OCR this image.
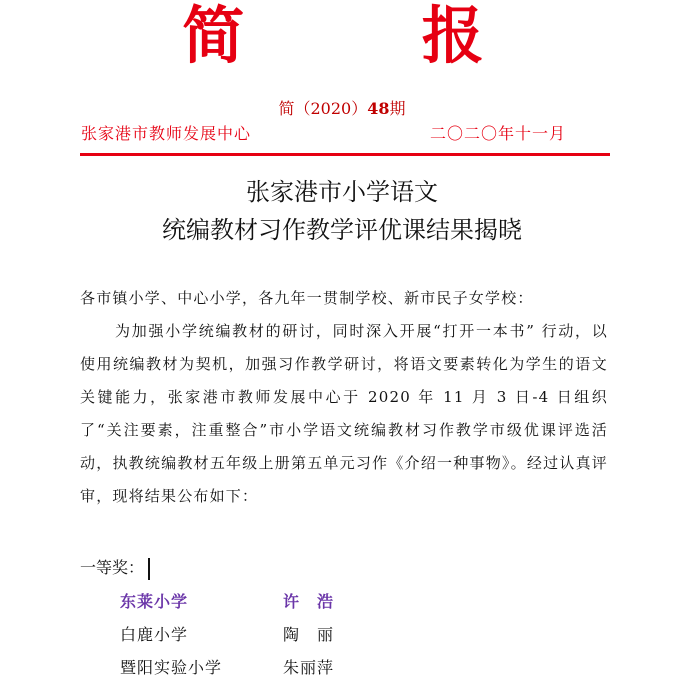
简 报
简（2020）48期
张家港市教师发展中心	二〇二〇年十一月
张家港市小学语文
统编教材习作教学评优课结果揭晓
各市镇小学、中心小学，各九年一贯制学校、新市民子女学校：
为加强小学统编教材的研讨，同时深入开展“打开一本书” 行动，以使用统编教材为契机，加强习作教学研讨，将语文要素转化为学生的语文关键能力，张家港市教师发展中心于 2020 年 11 月 3 日-4 日组织了“关注要素，注重整合”市小学语文统编教材习作教学市级优课评选活动，执教统编教材五年级上册第五单元习作《介绍一种事物》。经过认真评审，现将结果公布如下：
一等奖：
东莱小学	许　浩
白鹿小学	陶　丽
暨阳实验小学	朱丽萍
